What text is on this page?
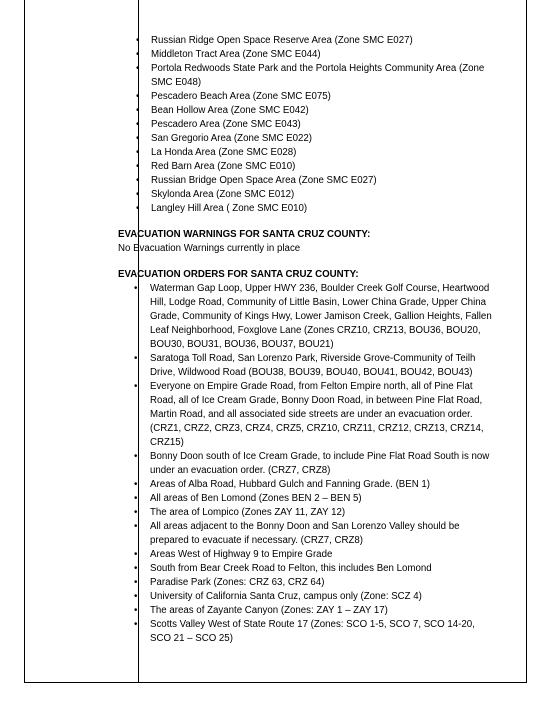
• Russian Ridge Open Space Reserve Area (Zone SMC E027)
• Middleton Tract Area (Zone SMC E044)
• Portola Redwoods State Park and the Portola Heights Community Area (Zone SMC E048)
• Pescadero Beach Area (Zone SMC E075)
• Bean Hollow Area (Zone SMC E042)
• Pescadero Area (Zone SMC E043)
• San Gregorio Area (Zone SMC E022)
• La Honda Area (Zone SMC E028)
• Red Barn Area (Zone SMC E010)
• Russian Bridge Open Space Area (Zone SMC E027)
• Skylonda Area (Zone SMC E012)
• Langley Hill Area ( Zone SMC E010)
EVACUATION WARNINGS FOR SANTA CRUZ COUNTY:
No Evacuation Warnings currently in place
EVACUATION ORDERS FOR SANTA CRUZ COUNTY:
• Waterman Gap Loop, Upper HWY 236, Boulder Creek Golf Course, Heartwood Hill, Lodge Road, Community of Little Basin, Lower China Grade, Upper China Grade, Community of Kings Hwy, Lower Jamison Creek, Gallion Heights, Fallen Leaf Neighborhood, Foxglove Lane (Zones CRZ10, CRZ13, BOU36, BOU20, BOU30, BOU31, BOU36, BOU37, BOU21)
• Saratoga Toll Road, San Lorenzo Park, Riverside Grove-Community of Teilh Drive, Wildwood Road (BOU38, BOU39, BOU40, BOU41, BOU42, BOU43)
• Everyone on Empire Grade Road, from Felton Empire north, all of Pine Flat Road, all of Ice Cream Grade, Bonny Doon Road, in between Pine Flat Road, Martin Road, and all associated side streets are under an evacuation order. (CRZ1, CRZ2, CRZ3, CRZ4, CRZ5, CRZ10, CRZ11, CRZ12, CRZ13, CRZ14, CRZ15)
• Bonny Doon south of Ice Cream Grade, to include Pine Flat Road South is now under an evacuation order. (CRZ7, CRZ8)
• Areas of Alba Road, Hubbard Gulch and Fanning Grade. (BEN 1)
• All areas of Ben Lomond (Zones BEN 2 – BEN 5)
• The area of Lompico (Zones ZAY 11, ZAY 12)
• All areas adjacent to the Bonny Doon and San Lorenzo Valley should be prepared to evacuate if necessary. (CRZ7, CRZ8)
• Areas West of Highway 9 to Empire Grade
• South from Bear Creek Road to Felton, this includes Ben Lomond
• Paradise Park (Zones: CRZ 63, CRZ 64)
• University of California Santa Cruz, campus only (Zone: SCZ 4)
• The areas of Zayante Canyon (Zones: ZAY 1 – ZAY 17)
• Scotts Valley West of State Route 17 (Zones: SCO 1-5, SCO 7, SCO 14-20, SCO 21 – SCO 25)
